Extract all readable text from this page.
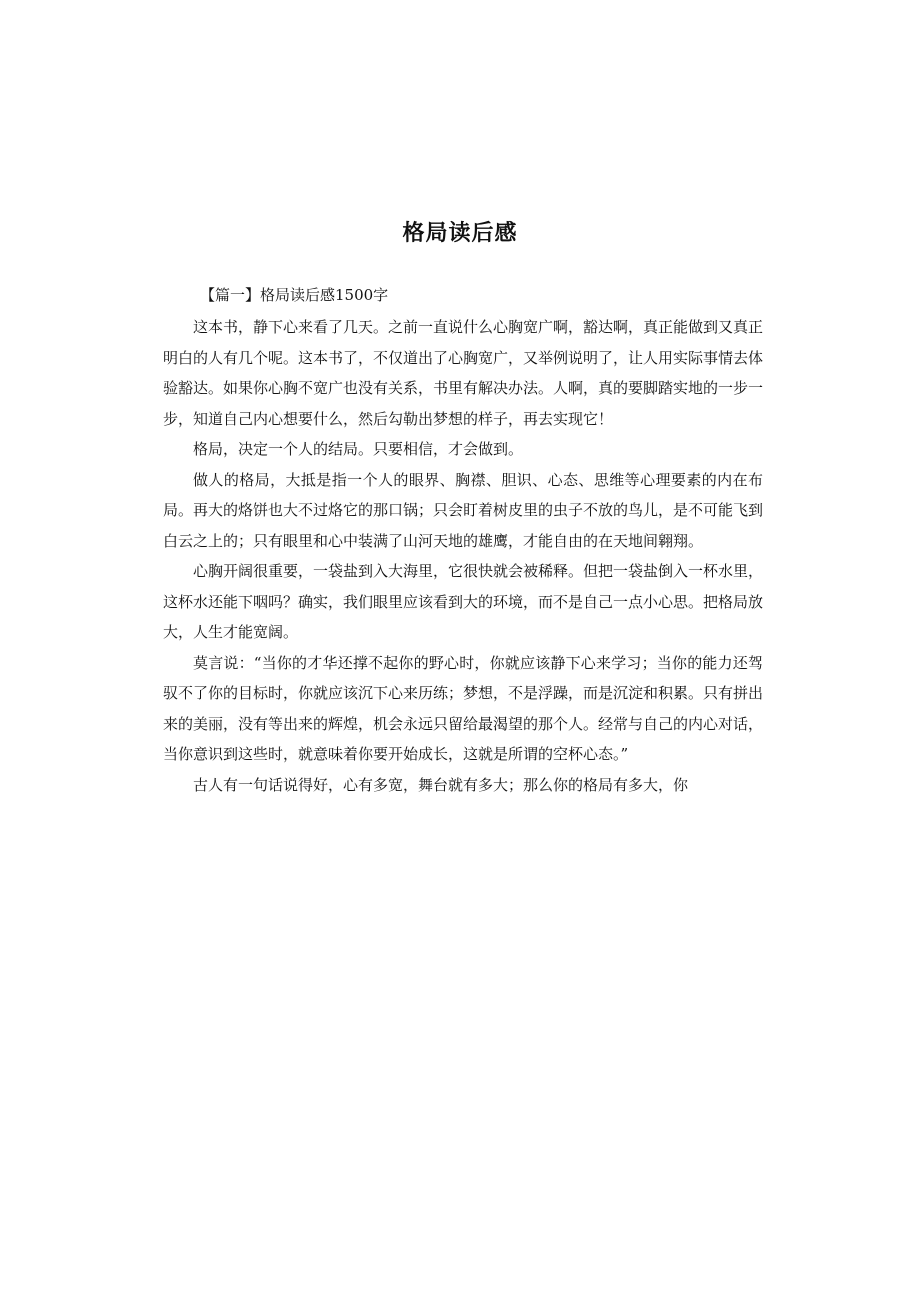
格局读后感
【篇一】格局读后感1500字

这本书，静下心来看了几天。之前一直说什么心胸宽广啊，豁达啊，真正能做到又真正明白的人有几个呢。这本书了，不仅道出了心胸宽广，又举例说明了，让人用实际事情去体验豁达。如果你心胸不宽广也没有关系，书里有解决办法。人啊，真的要脚踏实地的一步一步，知道自己内心想要什么，然后勾勒出梦想的样子，再去实现它！

格局，决定一个人的结局。只要相信，才会做到。

做人的格局，大抵是指一个人的眼界、胸襟、胆识、心态、思维等心理要素的内在布局。再大的烙饼也大不过烙它的那口锅；只会盯着树皮里的虫子不放的鸟儿，是不可能飞到白云之上的；只有眼里和心中装满了山河天地的雄鹰，才能自由的在天地间翱翔。

心胸开阔很重要，一袋盐到入大海里，它很快就会被稀释。但把一袋盐倒入一杯水里，这杯水还能下咽吗？确实，我们眼里应该看到大的环境，而不是自己一点小心思。把格局放大，人生才能宽阔。

莫言说：“当你的才华还撑不起你的野心时，你就应该静下心来学习；当你的能力还驾驭不了你的目标时，你就应该沉下心来历练；梦想，不是浮躁，而是沉淀和积累。只有拼出来的美丽，没有等出来的辉煌，机会永远只留给最渴望的那个人。经常与自己的内心对话，当你意识到这些时，就意味着你要开始成长，这就是所谓的空杯心态。”

古人有一句话说得好，心有多宽，舞台就有多大；那么你的格局有多大，你
